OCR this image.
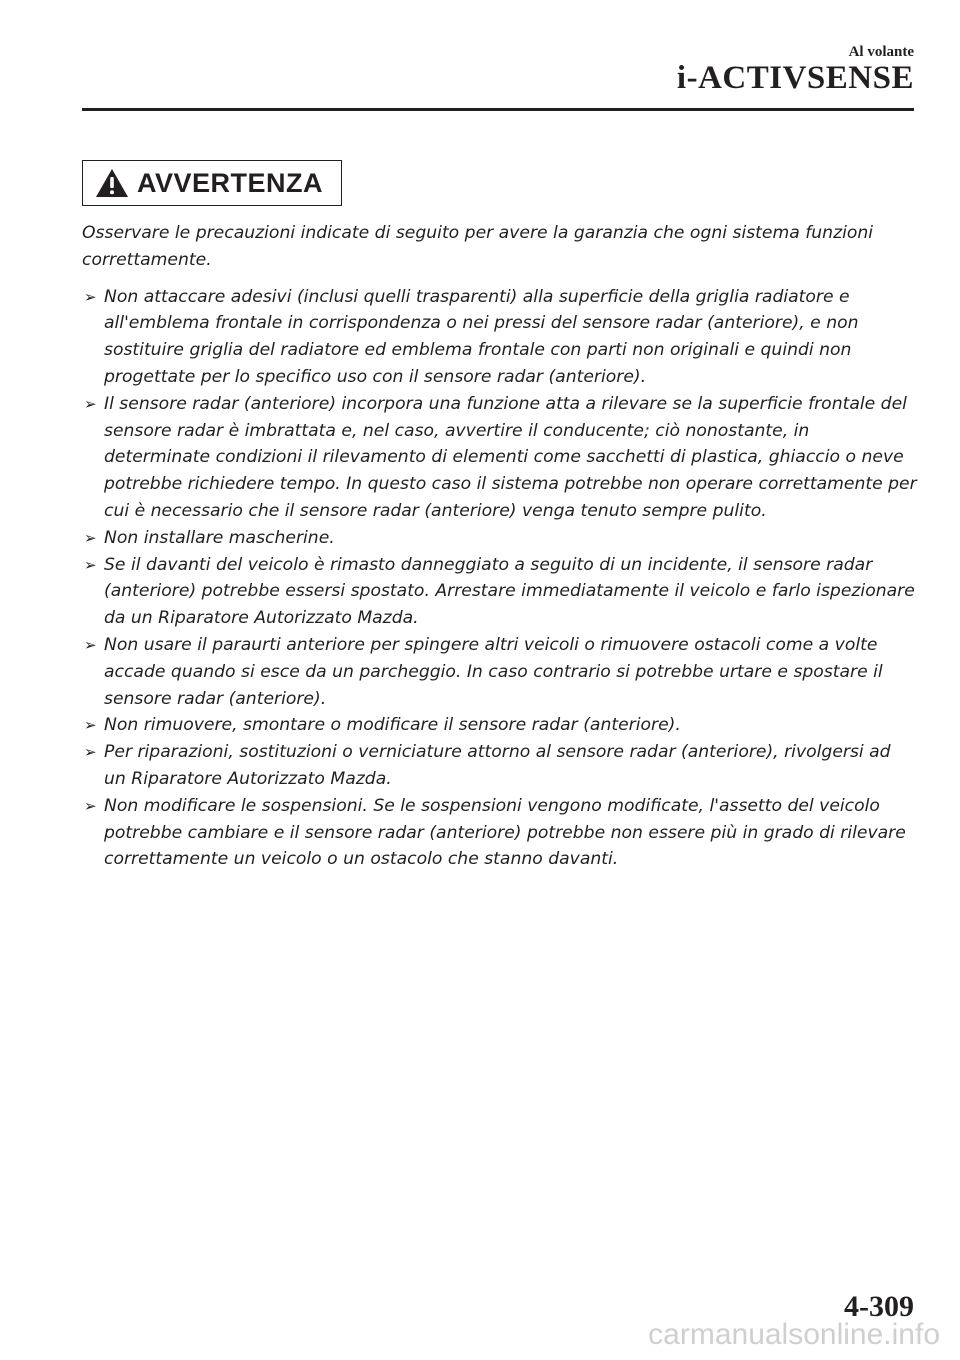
Al volante
i-ACTIVSENSE
AVVERTENZA

Osservare le precauzioni indicate di seguito per avere la garanzia che ogni sistema funzioni correttamente.

➢ Non attaccare adesivi (inclusi quelli trasparenti) alla superficie della griglia radiatore e all'emblema frontale in corrispondenza o nei pressi del sensore radar (anteriore), e non sostituire griglia del radiatore ed emblema frontale con parti non originali e quindi non progettate per lo specifico uso con il sensore radar (anteriore).
➢ Il sensore radar (anteriore) incorpora una funzione atta a rilevare se la superficie frontale del sensore radar è imbrattata e, nel caso, avvertire il conducente; ciò nonostante, in determinate condizioni il rilevamento di elementi come sacchetti di plastica, ghiaccio o neve potrebbe richiedere tempo. In questo caso il sistema potrebbe non operare correttamente per cui è necessario che il sensore radar (anteriore) venga tenuto sempre pulito.
➢ Non installare mascherine.
➢ Se il davanti del veicolo è rimasto danneggiato a seguito di un incidente, il sensore radar (anteriore) potrebbe essersi spostato. Arrestare immediatamente il veicolo e farlo ispezionare da un Riparatore Autorizzato Mazda.
➢ Non usare il paraurti anteriore per spingere altri veicoli o rimuovere ostacoli come a volte accade quando si esce da un parcheggio. In caso contrario si potrebbe urtare e spostare il sensore radar (anteriore).
➢ Non rimuovere, smontare o modificare il sensore radar (anteriore).
➢ Per riparazioni, sostituzioni o verniciature attorno al sensore radar (anteriore), rivolgersi ad un Riparatore Autorizzato Mazda.
➢ Non modificare le sospensioni. Se le sospensioni vengono modificate, l'assetto del veicolo potrebbe cambiare e il sensore radar (anteriore) potrebbe non essere più in grado di rilevare correttamente un veicolo o un ostacolo che stanno davanti.
4-309
carmanualsonline.info
